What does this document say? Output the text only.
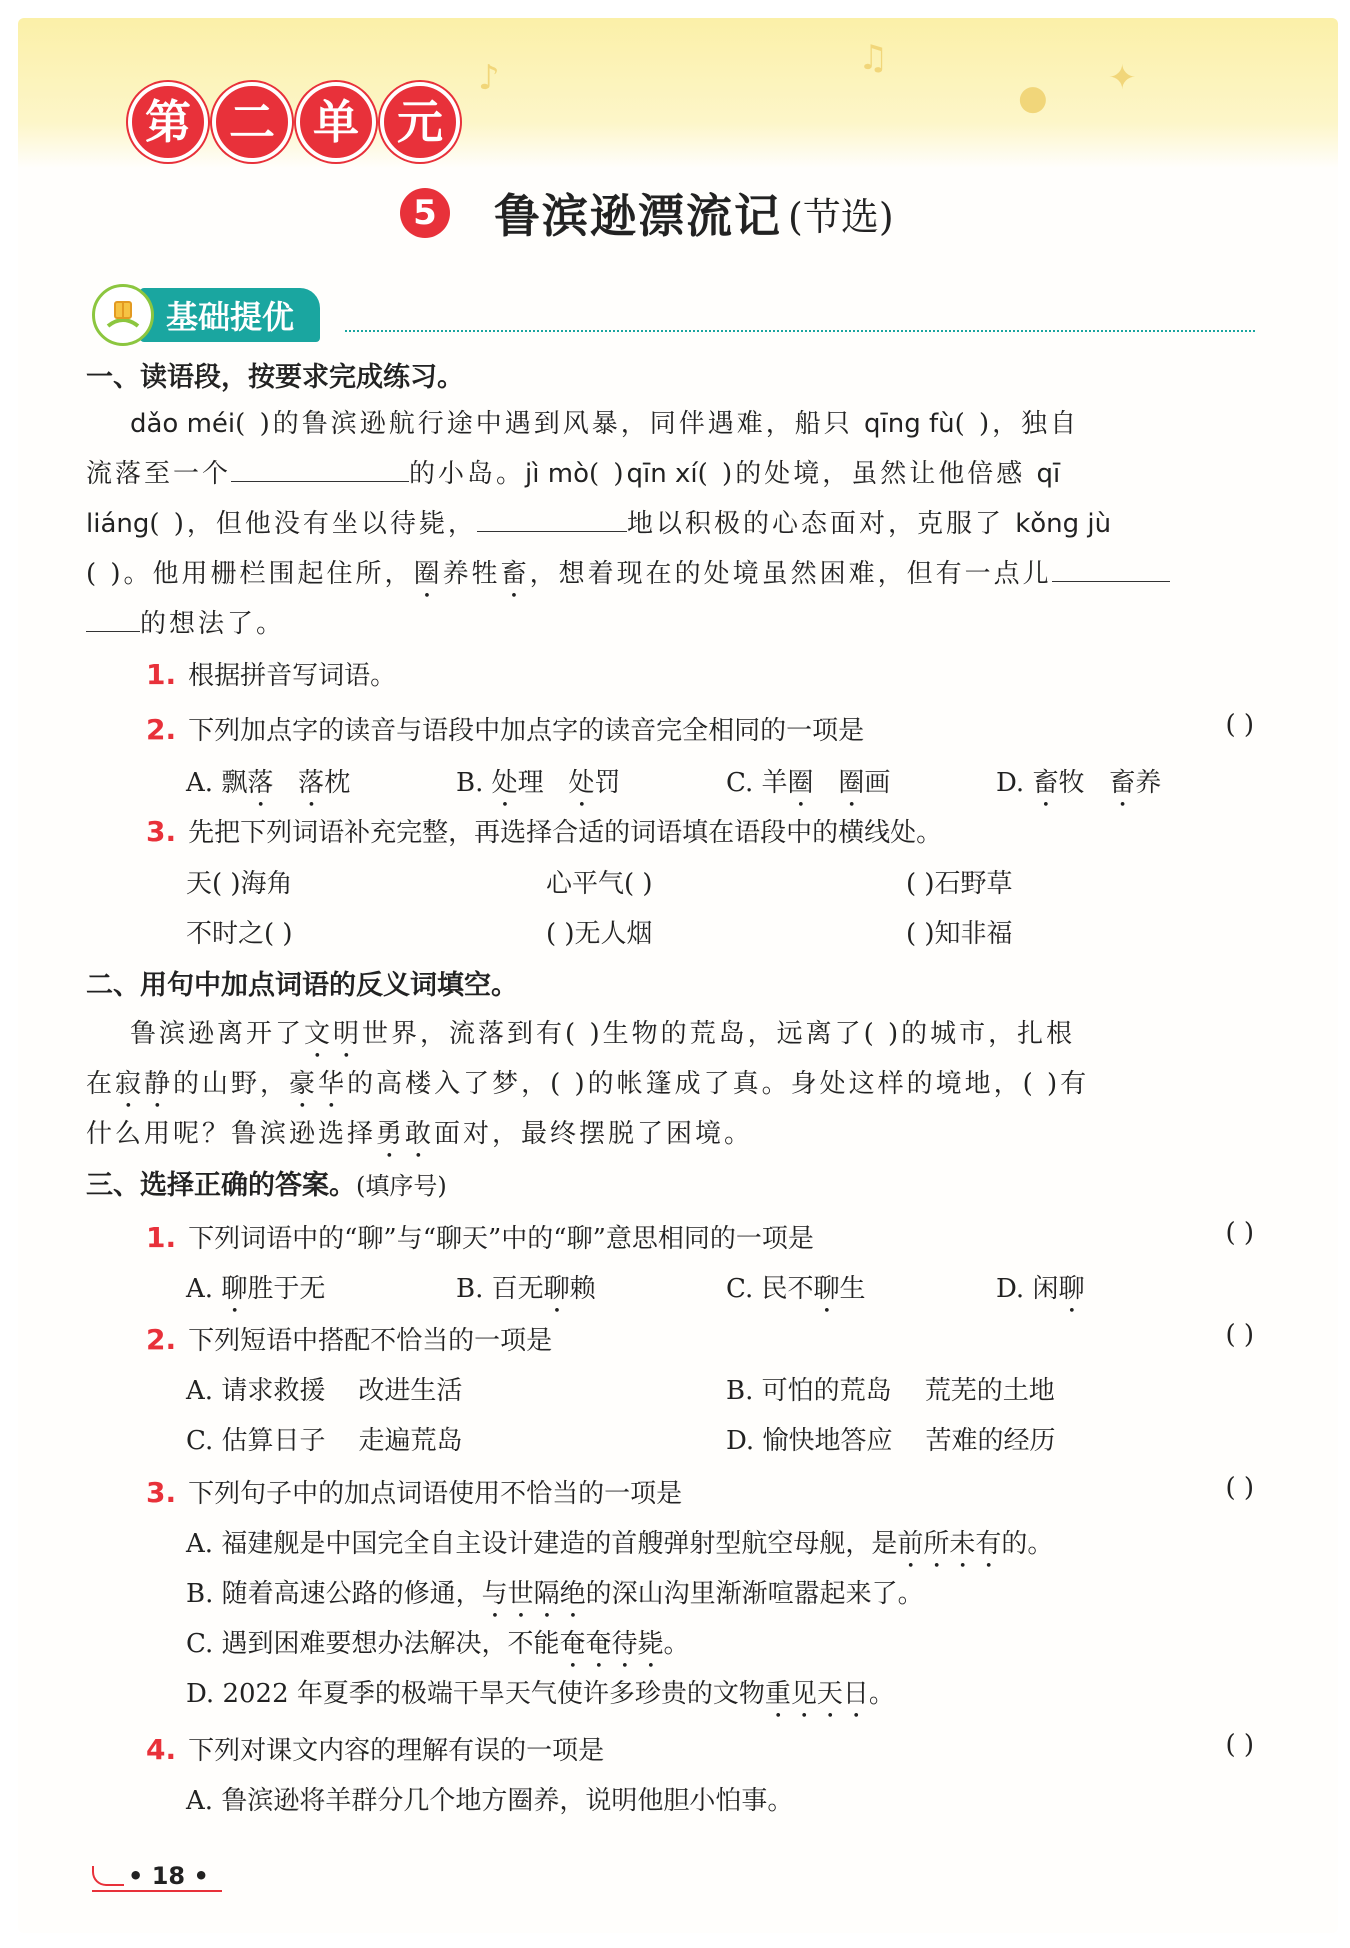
♪	♫
● ✦
第 二 单 元
5 鲁滨逊漂流记 (节选)
基础提优
一、读语段，按要求完成练习。
dǎo méi( )的鲁滨逊航行途中遇到风暴，同伴遇难，船只 qīng fù( )，独自
流落至一个	的小岛。jì mò( )qīn xí( )的处境，虽然让他倍感 qī
liáng( )，但他没有坐以待毙，	地以积极的心态面对，克服了 kǒng jù
( )。他用栅栏围起住所，圈养牲畜，想着现在的处境虽然困难，但有一点儿
的想法了。
1. 根据拼音写词语。
2. 下列加点字的读音与语段中加点字的读音完全相同的一项是	( )
A. 飘落 落枕	B. 处理 处罚	C. 羊圈 圈画	D. 畜牧 畜养
3. 先把下列词语补充完整，再选择合适的词语填在语段中的横线处。
天( )海角	心平气( )	( )石野草
不时之( )	( )无人烟	( )知非福
二、用句中加点词语的反义词填空。
鲁滨逊离开了文明世界，流落到有( )生物的荒岛，远离了( )的城市，扎根
在寂静的山野，豪华的高楼入了梦，( )的帐篷成了真。身处这样的境地，( )有
什么用呢？鲁滨逊选择勇敢面对，最终摆脱了困境。
三、选择正确的答案。(填序号)
1. 下列词语中的“聊”与“聊天”中的“聊”意思相同的一项是	( )
A. 聊胜于无	B. 百无聊赖	C. 民不聊生	D. 闲聊
2. 下列短语中搭配不恰当的一项是	( )
A. 请求救援    改进生活	B. 可怕的荒岛    荒芜的土地
C. 估算日子    走遍荒岛	D. 愉快地答应    苦难的经历
3. 下列句子中的加点词语使用不恰当的一项是	( )
A. 福建舰是中国完全自主设计建造的首艘弹射型航空母舰，是前所未有的。
B. 随着高速公路的修通，与世隔绝的深山沟里渐渐喧嚣起来了。
C. 遇到困难要想办法解决，不能奄奄待毙。
D. 2022 年夏季的极端干旱天气使许多珍贵的文物重见天日。
4. 下列对课文内容的理解有误的一项是	( )
A. 鲁滨逊将羊群分几个地方圈养，说明他胆小怕事。
• 18 •
